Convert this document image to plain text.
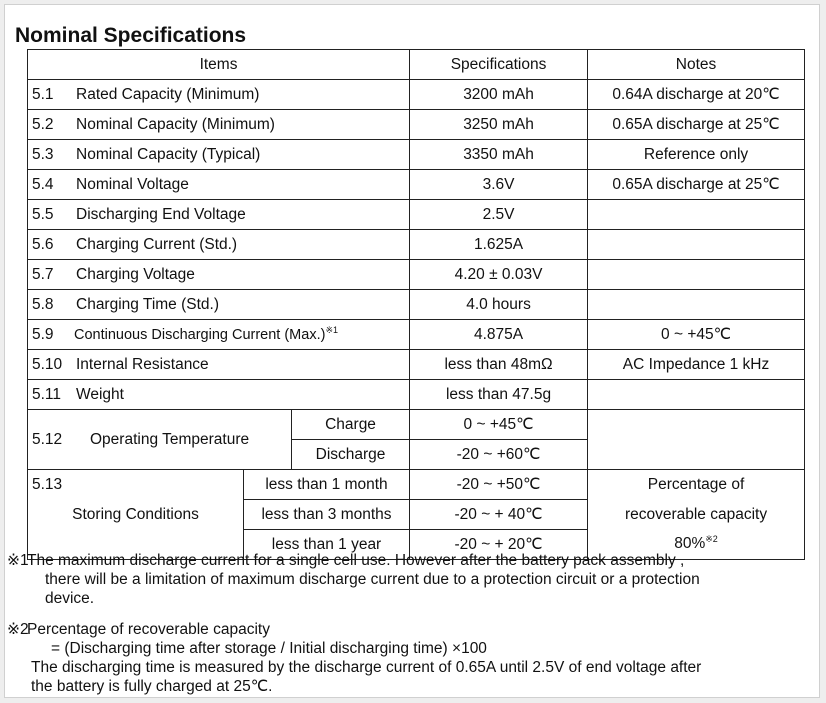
Nominal Specifications
Items			Specifications	Notes
5.1 Rated Capacity (Minimum)			3200 mAh	0.64A discharge at 20℃
5.2 Nominal Capacity (Minimum)			3250 mAh	0.65A discharge at 25℃
5.3 Nominal Capacity (Typical)			3350 mAh	Reference only
5.4 Nominal Voltage			3.6V	0.65A discharge at 25℃
5.5 Discharging End Voltage			2.5V	
5.6 Charging Current (Std.)			1.625A	
5.7 Charging Voltage			4.20 ± 0.03V	
5.8 Charging Time (Std.)			4.0 hours	
5.9 Continuous Discharging Current $(Max.)^{※1}$			4.875A	0 ~ +45℃
5.10 Internal Resistance			less than 48mΩ	AC Impedance 1 kHz
5.11 Weight			less than 47.5g	
5.12 Operating Temperature		Charge	0 ~ +45℃	
		Discharge	-20 ~ +60℃	
5.13	less than 1 month		-20 ~ +50℃	Percentage of
Storing Conditions	less than 3 months		-20 ~ + 40℃	recoverable capacity
	less than 1 year		-20 ~ + 20℃	80%$^{※2}$

※1The maximum discharge current for a single cell use. However after the battery pack assembly ,

there will be a limitation of maximum discharge current due to a protection circuit or a protection

device.

※2Percentage of recoverable capacity

= (Discharging time after storage / Initial discharging time) ×100

The discharging time is measured by the discharge current of 0.65A until 2.5V of end voltage after

the battery is fully charged at 25℃.
